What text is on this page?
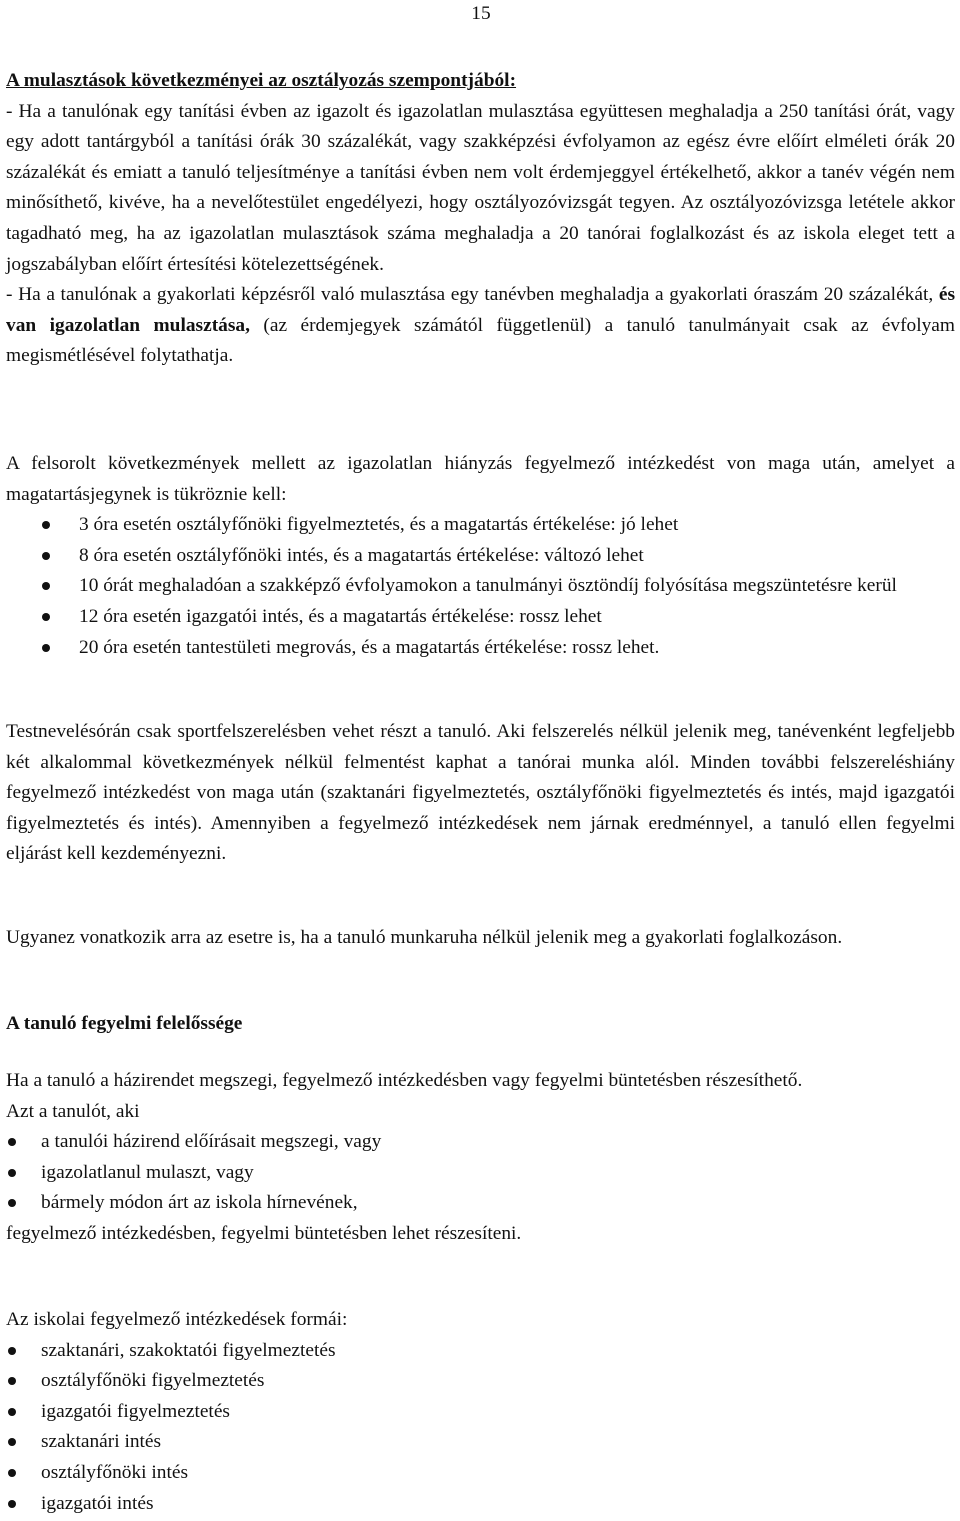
15
A mulasztások következményei az osztályozás szempontjából:
- Ha a tanulónak egy tanítási évben az igazolt és igazolatlan mulasztása együttesen meghaladja a 250 tanítási órát, vagy egy adott tantárgyból a tanítási órák 30 százalékát, vagy szakképzési évfolyamon az egész évre előírt elméleti órák 20 százalékát és emiatt a tanuló teljesítménye a tanítási évben nem volt érdemjeggyel értékelhető, akkor a tanév végén nem minősíthető, kivéve, ha a nevelőtestület engedélyezi, hogy osztályozóvizsgát tegyen. Az osztályozóvizsga letétele akkor tagadható meg, ha az igazolatlan mulasztások száma meghaladja a 20 tanórai foglalkozást és az iskola eleget tett a jogszabályban előírt értesítési kötelezettségének.
- Ha a tanulónak a gyakorlati képzésről való mulasztása egy tanévben meghaladja a gyakorlati óraszám 20 százalékát, és van igazolatlan mulasztása, (az érdemjegyek számától függetlenül) a tanuló tanulmányait csak az évfolyam megismétlésével folytathatja.
A felsorolt következmények mellett az igazolatlan hiányzás fegyelmező intézkedést von maga után, amelyet a magatartásjegynek is tükröznie kell:
3 óra esetén osztályfőnöki figyelmeztetés, és a magatartás értékelése: jó lehet
8 óra esetén osztályfőnöki intés, és a magatartás értékelése: változó lehet
10 órát meghaladóan a szakképző évfolyamokon a tanulmányi ösztöndíj folyósítása megszüntetésre kerül
12 óra esetén igazgatói intés, és a magatartás értékelése: rossz lehet
20 óra esetén tantestületi megrovás, és a magatartás értékelése: rossz lehet.
Testnevelésórán csak sportfelszerelésben vehet részt a tanuló. Aki felszerelés nélkül jelenik meg, tanévenként legfeljebb két alkalommal következmények nélkül felmentést kaphat a tanórai munka alól. Minden további felszereléshiány fegyelmező intézkedést von maga után (szaktanári figyelmeztetés, osztályfőnöki figyelmeztetés és intés, majd igazgatói figyelmeztetés és intés). Amennyiben a fegyelmező intézkedések nem járnak eredménnyel, a tanuló ellen fegyelmi eljárást kell kezdeményezni.
Ugyanez vonatkozik arra az esetre is, ha a tanuló munkaruha nélkül jelenik meg a gyakorlati foglalkozáson.
A tanuló fegyelmi felelőssége
Ha a tanuló a házirendet megszegi, fegyelmező intézkedésben vagy fegyelmi büntetésben részesíthető.
Azt a tanulót, aki
a tanulói házirend előírásait megszegi, vagy
igazolatlanul mulaszt, vagy
bármely módon árt az iskola hírnevének,
fegyelmező intézkedésben, fegyelmi büntetésben lehet részesíteni.
Az iskolai fegyelmező intézkedések formái:
szaktanári, szakoktatói figyelmeztetés
osztályfőnöki figyelmeztetés
igazgatói figyelmeztetés
szaktanári intés
osztályfőnöki intés
igazgatói intés
